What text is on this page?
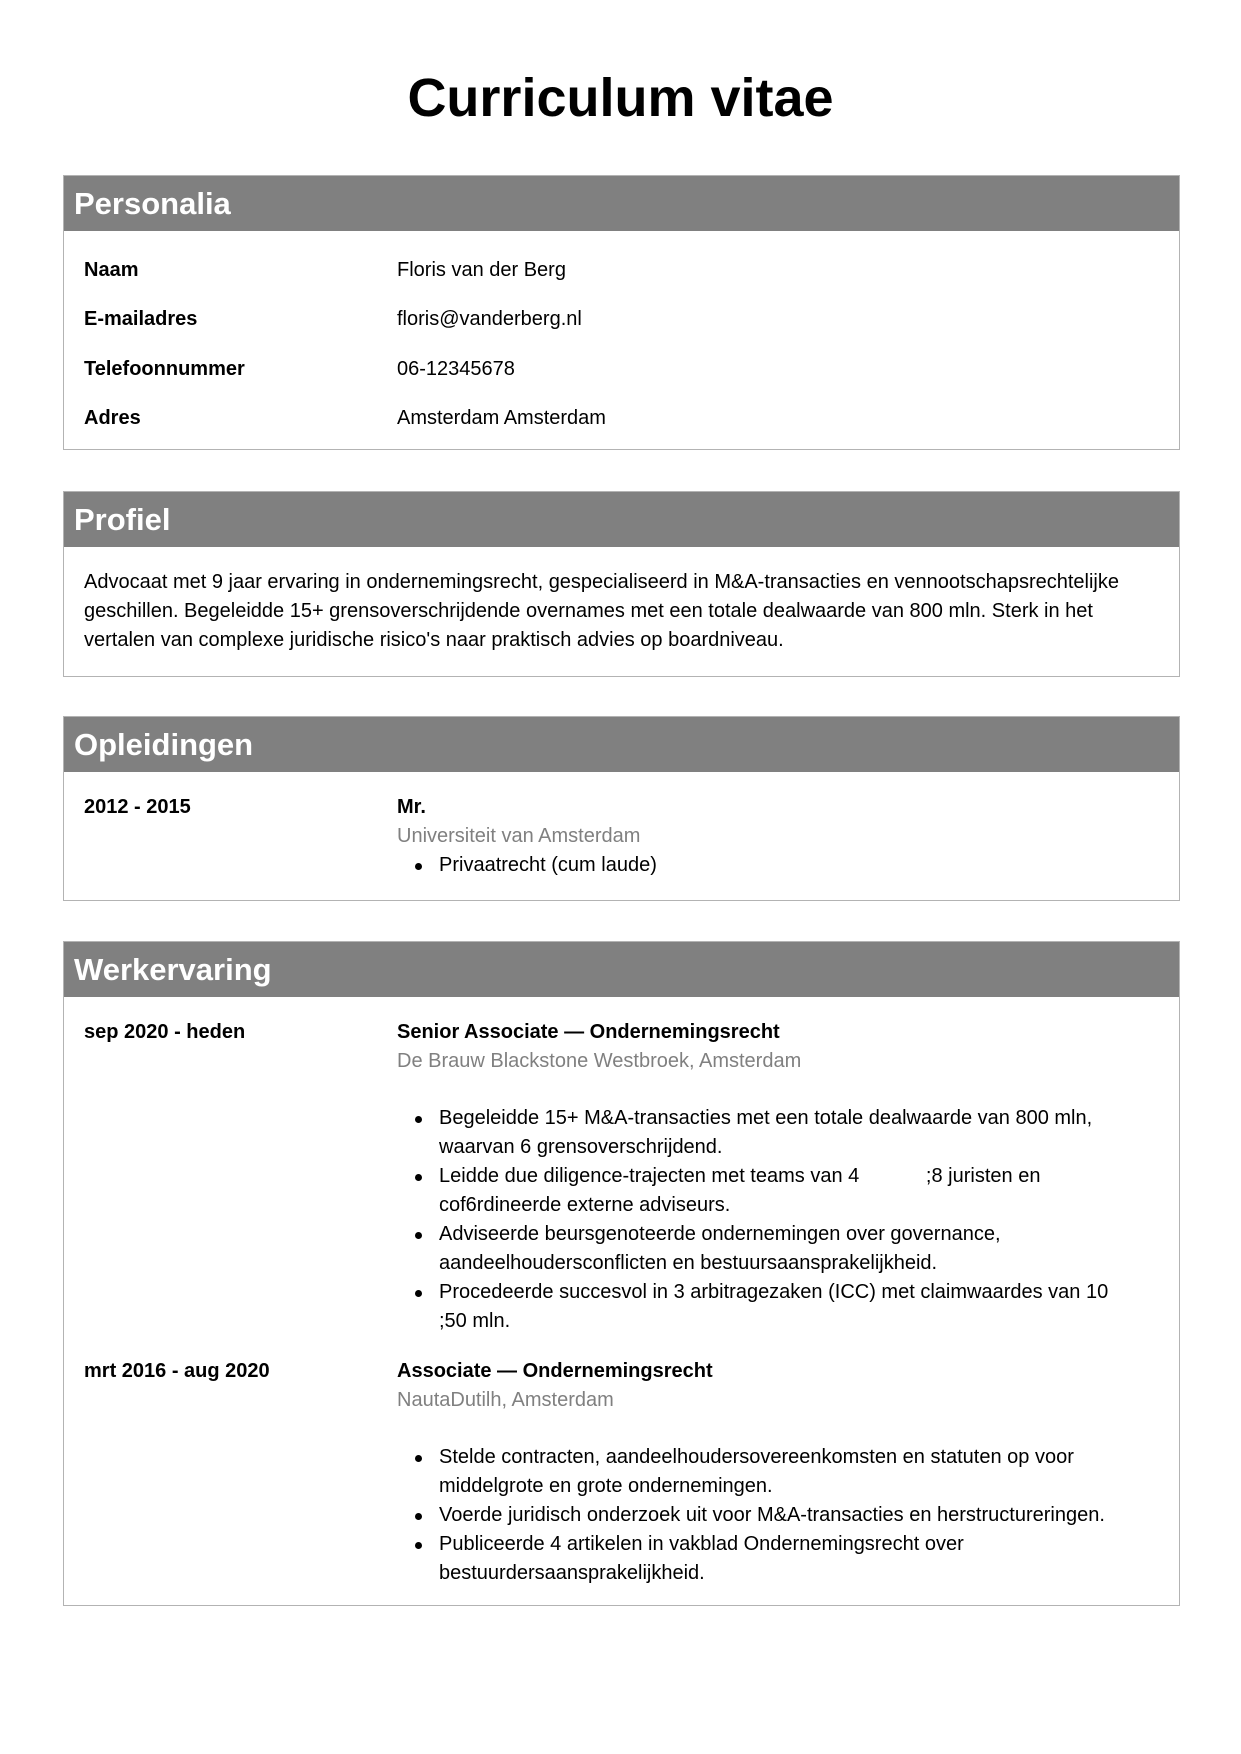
Curriculum vitae
Personalia
Naam	Floris van der Berg
E-mailadres	floris@vanderberg.nl
Telefoonnummer	06-12345678
Adres	Amsterdam Amsterdam
Profiel

Advocaat met 9 jaar ervaring in ondernemingsrecht, gespecialiseerd in M&A-transacties en vennootschapsrechtelijke geschillen. Begeleidde 15+ grensoverschrijdende overnames met een totale dealwaarde van 800 mln. Sterk in het vertalen van complexe juridische risico's naar praktisch advies op boardniveau.

Opleidingen
2012 - 2015	Mr.
Universiteit van Amsterdam
Privaatrecht (cum laude)
Werkervaring
sep 2020 - heden	Senior Associate — Ondernemingsrecht
De Brauw Blackstone Westbroek, Amsterdam
Begeleidde 15+ M&A-transacties met een totale dealwaarde van 800 mln, waarvan 6 grensoverschrijdend.
Leidde due diligence-trajecten met teams van 4            ;8 juristen en cof6rdineerde externe adviseurs.
Adviseerde beursgenoteerde ondernemingen over governance, aandeelhoudersconflicten en bestuursaansprakelijkheid.
Procedeerde succesvol in 3 arbitragezaken (ICC) met claimwaardes van 10              ;50 mln.
mrt 2016 - aug 2020	Associate — Ondernemingsrecht
NautaDutilh, Amsterdam
Stelde contracten, aandeelhoudersovereenkomsten en statuten op voor middelgrote en grote ondernemingen.
Voerde juridisch onderzoek uit voor M&A-transacties en herstructureringen.
Publiceerde 4 artikelen in vakblad Ondernemingsrecht over bestuurdersaansprakelijkheid.
